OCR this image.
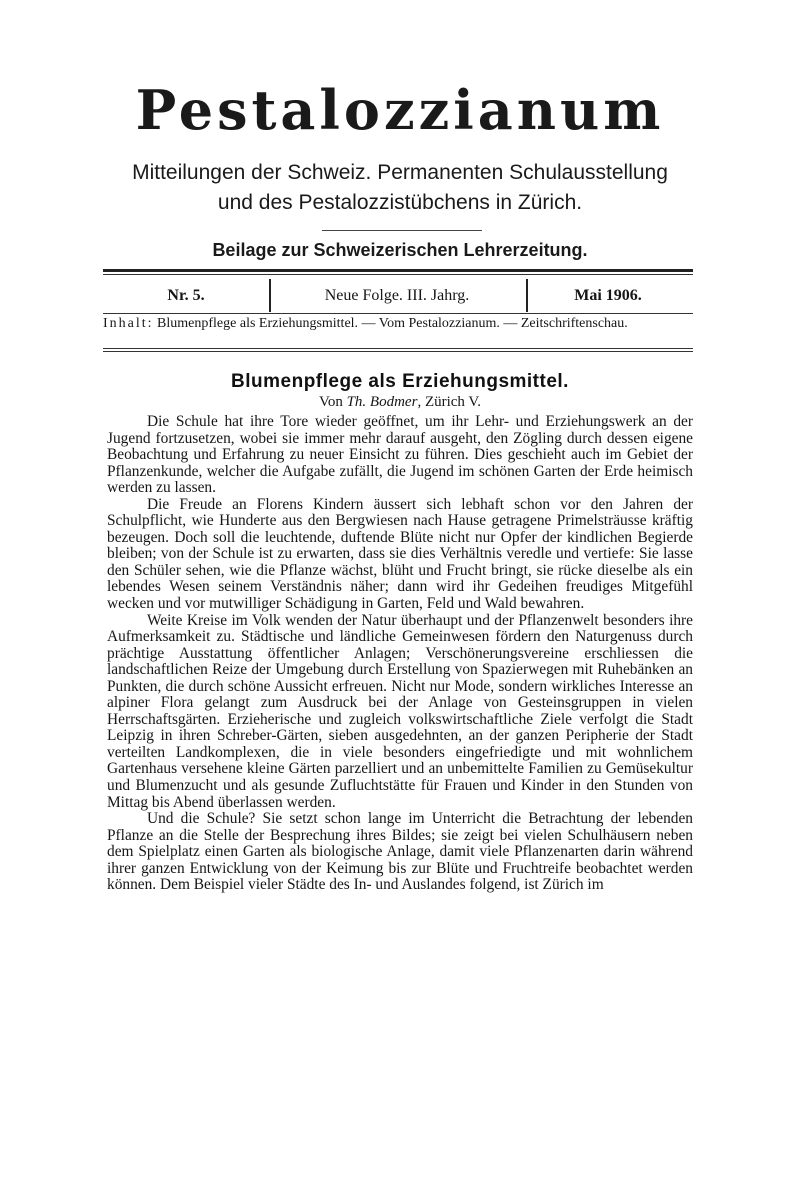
Pestalozzianum
Mitteilungen der Schweiz. Permanenten Schulausstellung
und des Pestalozzistübchens in Zürich.
Beilage zur Schweizerischen Lehrerzeitung.
Nr. 5.	Neue Folge. III. Jahrg.	Mai 1906.
Inhalt: Blumenpflege als Erziehungsmittel. — Vom Pestalozzianum. — Zeitschriftenschau.
Blumenpflege als Erziehungsmittel.
Von Th. Bodmer, Zürich V.

Die Schule hat ihre Tore wieder geöffnet, um ihr Lehr- und Erziehungswerk an der Jugend fortzusetzen, wobei sie immer mehr darauf ausgeht, den Zögling durch dessen eigene Beobachtung und Erfahrung zu neuer Einsicht zu führen. Dies geschieht auch im Gebiet der Pflanzenkunde, welcher die Aufgabe zufällt, die Jugend im schönen Garten der Erde heimisch werden zu lassen.

Die Freude an Florens Kindern äussert sich lebhaft schon vor den Jahren der Schulpflicht, wie Hunderte aus den Bergwiesen nach Hause getragene Primelsträusse kräftig bezeugen. Doch soll die leuchtende, duftende Blüte nicht nur Opfer der kindlichen Begierde bleiben; von der Schule ist zu erwarten, dass sie dies Verhältnis veredle und vertiefe: Sie lasse den Schüler sehen, wie die Pflanze wächst, blüht und Frucht bringt, sie rücke dieselbe als ein lebendes Wesen seinem Verständnis näher; dann wird ihr Gedeihen freudiges Mitgefühl wecken und vor mutwilliger Schädigung in Garten, Feld und Wald bewahren.

Weite Kreise im Volk wenden der Natur überhaupt und der Pflanzenwelt besonders ihre Aufmerksamkeit zu. Städtische und ländliche Gemeinwesen fördern den Naturgenuss durch prächtige Ausstattung öffentlicher Anlagen; Verschönerungsvereine erschliessen die landschaftlichen Reize der Umgebung durch Erstellung von Spazierwegen mit Ruhebänken an Punkten, die durch schöne Aussicht erfreuen. Nicht nur Mode, sondern wirkliches Interesse an alpiner Flora gelangt zum Ausdruck bei der Anlage von Gesteinsgruppen in vielen Herrschaftsgärten. Erzieherische und zugleich volkswirtschaftliche Ziele verfolgt die Stadt Leipzig in ihren Schreber-Gärten, sieben ausgedehnten, an der ganzen Peripherie der Stadt verteilten Landkomplexen, die in viele besonders eingefriedigte und mit wohnlichem Gartenhaus versehene kleine Gärten parzelliert und an unbemittelte Familien zu Gemüsekultur und Blumenzucht und als gesunde Zufluchtstätte für Frauen und Kinder in den Stunden von Mittag bis Abend überlassen werden.

Und die Schule? Sie setzt schon lange im Unterricht die Betrachtung der lebenden Pflanze an die Stelle der Besprechung ihres Bildes; sie zeigt bei vielen Schulhäusern neben dem Spielplatz einen Garten als biologische Anlage, damit viele Pflanzenarten darin während ihrer ganzen Entwicklung von der Keimung bis zur Blüte und Fruchtreife beobachtet werden können. Dem Beispiel vieler Städte des In- und Auslandes folgend, ist Zürich im
